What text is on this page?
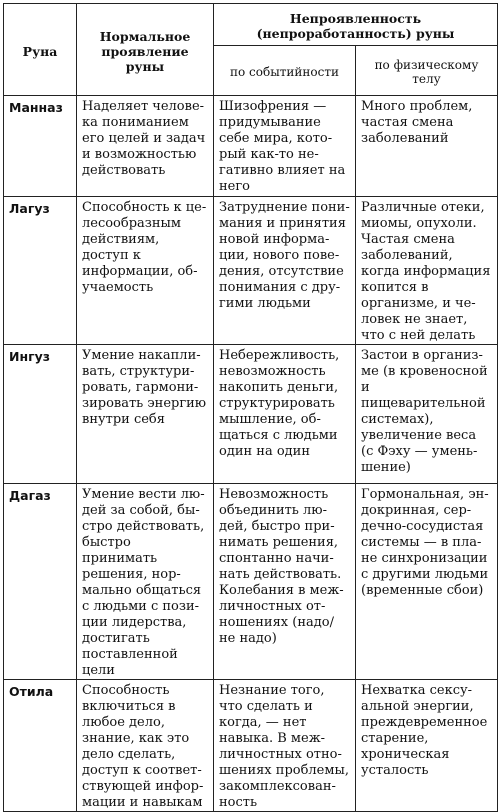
Руна	Нормальное проявление руны	Непроявленность (непроработанность) руны	
		по событийности	по физическому телу
Манназ	Наделяет человека пониманием его целей и задач и возможностью действовать	Шизофрения — придумывание себе мира, который как-то негативно влияет на него	Много проблем, частая смена заболеваний
Лагуз	Способность к целесообразным действиям, доступ к информации, обучаемость	Затруднение понимания и принятия новой информации, нового поведения, отсутствие понимания с другими людьми	Различные отеки, миомы, опухоли. Частая смена заболеваний, когда информация копится в организме, и человек не знает, что с ней делать
Ингуз	Умение накапливать, структурировать, гармонизировать энергию внутри себя	Небережливость, невозможность накопить деньги, структурировать мышление, общаться с людьми один на один	Застои в организме (в кровеносной и пищеварительной системах), увеличение веса (с Фэху — уменьшение)
Дагаз	Умение вести людей за собой, быстро действовать, быстро принимать решения, нормально общаться с людьми с позиции лидерства, достигать поставленной цели	Невозможность объединить людей, быстро принимать решения, спонтанно начинать действовать. Колебания в межличностных отношениях (надо/ не надо)	Гормональная, эндокринная, сердечно-сосудистая системы — в плане синхронизации с другими людьми (временные сбои)
Отила	Способность включиться в любое дело, знание, как это дело сделать, доступ к соответствующей информации и навыкам	Незнание того, что сделать и когда, — нет навыка. В межличностных отношениях проблемы, закомплексованность	Нехватка сексуальной энергии, преждевременное старение, хроническая усталость
